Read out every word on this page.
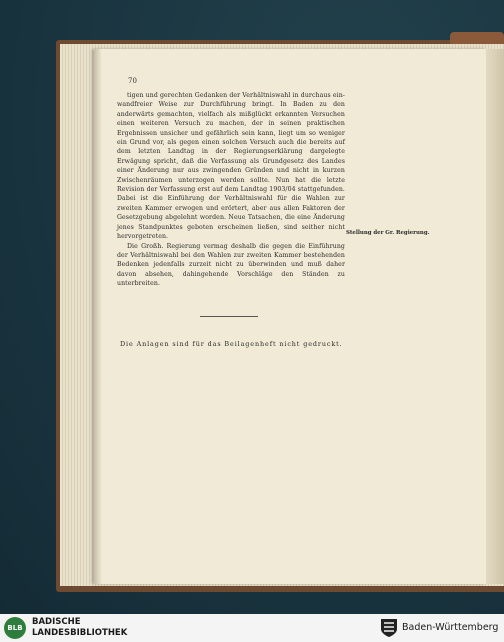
70

tigen und gerechten Gedanken der Verhältniswahl in durchaus ein-wandfreier Weise zur Durchführung bringt. In Baden zu den anderwärts gemachten, vielfach als mißglückt erkannten Versuchen einen weiteren Versuch zu machen, der in seinen praktischen Ergebnissen unsicher und gefährlich sein kann, liegt um so weniger ein Grund vor, als gegen einen solchen Versuch auch die bereits auf dem letzten Landtag in der Regierungserklärung dargelegte Erwägung spricht, daß die Verfassung als Grundgesetz des Landes einer Änderung nur aus zwingenden Gründen und nicht in kurzen Zwischenräumen unterzogen werden sollte. Nun hat die letzte Revision der Verfassung erst auf dem Landtag 1903/04 stattgefunden. Dabei ist die Einführung der Verhältniswahl für die Wahlen zur zweiten Kammer erwogen und erörtert, aber aus allen Faktoren der Gesetzgebung abgelehnt worden. Neue Tatsachen, die eine Änderung jenes Standpunktes geboten erscheinen ließen, sind seither nicht hervorgetreten.

Die Großh. Regierung vermag deshalb die gegen die Einführung der Verhältniswahl bei den Wahlen zur zweiten Kammer bestehenden Bedenken jedenfalls zurzeit nicht zu überwinden und muß daher davon absehen, dahingehende Vorschläge den Ständen zu unterbreiten.

Stellung der Gr. Regierung.
Die Anlagen sind für das Beilagenheft nicht gedruckt.
BLB
BADISCHE
LANDESBIBLIOTHEK	Baden-Württemberg
